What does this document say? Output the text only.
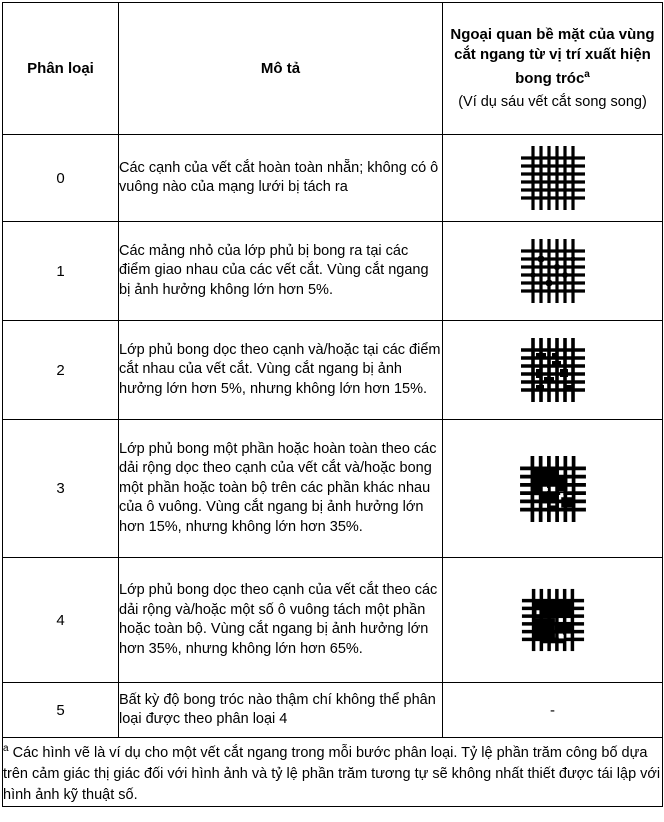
Phân loại	Mô tả	Ngoại quan bề mặt của vùng cắt ngang từ vị trí xuất hiện bong tróc$^a$
(Ví dụ sáu vết cắt song song)

0	Các cạnh của vết cắt hoàn toàn nhẵn; không có ô vuông nào của mạng lưới bị tách ra	
1	Các mảng nhỏ của lớp phủ bị bong ra tại các điểm giao nhau của các vết cắt. Vùng cắt ngang bị ảnh hưởng không lớn hơn 5%.	
2	Lớp phủ bong dọc theo cạnh và/hoặc tại các điểm cắt nhau của vết cắt. Vùng cắt ngang bị ảnh hưởng lớn hơn 5%, nhưng không lớn hơn 15%.	
3	Lớp phủ bong một phần hoặc hoàn toàn theo các dải rộng dọc theo cạnh của vết cắt và/hoặc bong một phần hoặc toàn bộ trên các phần khác nhau của ô vuông. Vùng cắt ngang bị ảnh hưởng lớn hơn 15%, nhưng không lớn hơn 35%.	
4	Lớp phủ bong dọc theo cạnh của vết cắt theo các dải rộng và/hoặc một số ô vuông tách một phần hoặc toàn bộ. Vùng cắt ngang bị ảnh hưởng lớn hơn 35%, nhưng không lớn hơn 65%.	
5	Bất kỳ độ bong tróc nào thậm chí không thể phân loại được theo phân loại 4	-
$^a$ Các hình vẽ là ví dụ cho một vết cắt ngang trong mỗi bước phân loại. Tỷ lệ phần trăm công bố dựa trên cảm giác thị giác đối với hình ảnh và tỷ lệ phần trăm tương tự sẽ không nhất thiết được tái lập với hình ảnh kỹ thuật số.		
